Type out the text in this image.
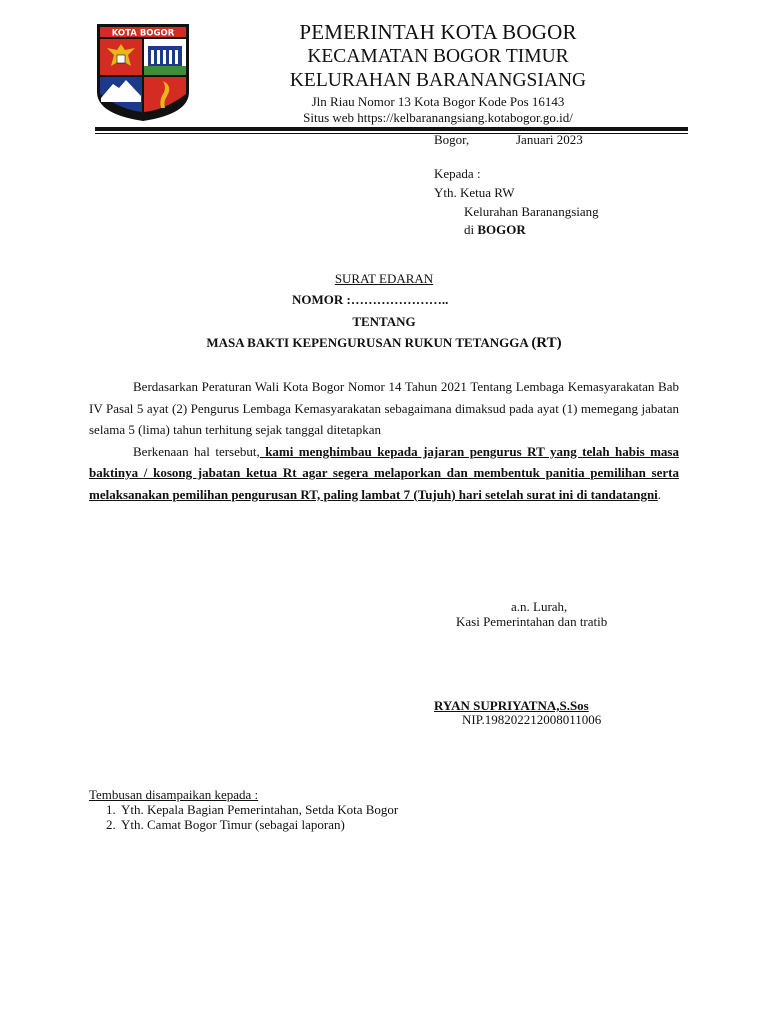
KOTA BOGOR	PEMERINTAH KOTA BOGOR
KECAMATAN BOGOR TIMUR
KELURAHAN BARANANGSIANG
Jln Riau Nomor 13 Kota Bogor Kode Pos 16143
Situs web https://kelbaranangsiang.kotabogor.go.id/
Bogor,	Januari 2023
Kepada :
Yth. Ketua RW
Kelurahan Baranangsiang
di BOGOR
SURAT EDARAN
NOMOR :…………………..
TENTANG
MASA BAKTI KEPENGURUSAN RUKUN TETANGGA (RT)

Berdasarkan Peraturan Wali Kota Bogor Nomor 14 Tahun 2021 Tentang Lembaga Kemasyarakatan Bab IV Pasal 5 ayat (2) Pengurus Lembaga Kemasyarakatan sebagaimana dimaksud pada ayat (1) memegang jabatan selama 5 (lima) tahun terhitung sejak tanggal ditetapkan

Berkenaan hal tersebut, kami menghimbau kepada jajaran pengurus RT yang telah habis masa baktinya / kosong jabatan ketua Rt agar segera melaporkan dan membentuk panitia pemilihan serta melaksanakan pemilihan pengurusan RT, paling lambat 7 (Tujuh) hari setelah surat ini di tandatangni.

a.n. Lurah,
Kasi Pemerintahan dan tratib
RYAN SUPRIYATNA,S.Sos
NIP.198202212008011006
Tembusan disampaikan kepada :
1. Yth. Kepala Bagian Pemerintahan, Setda Kota Bogor
2. Yth. Camat Bogor Timur (sebagai laporan)
